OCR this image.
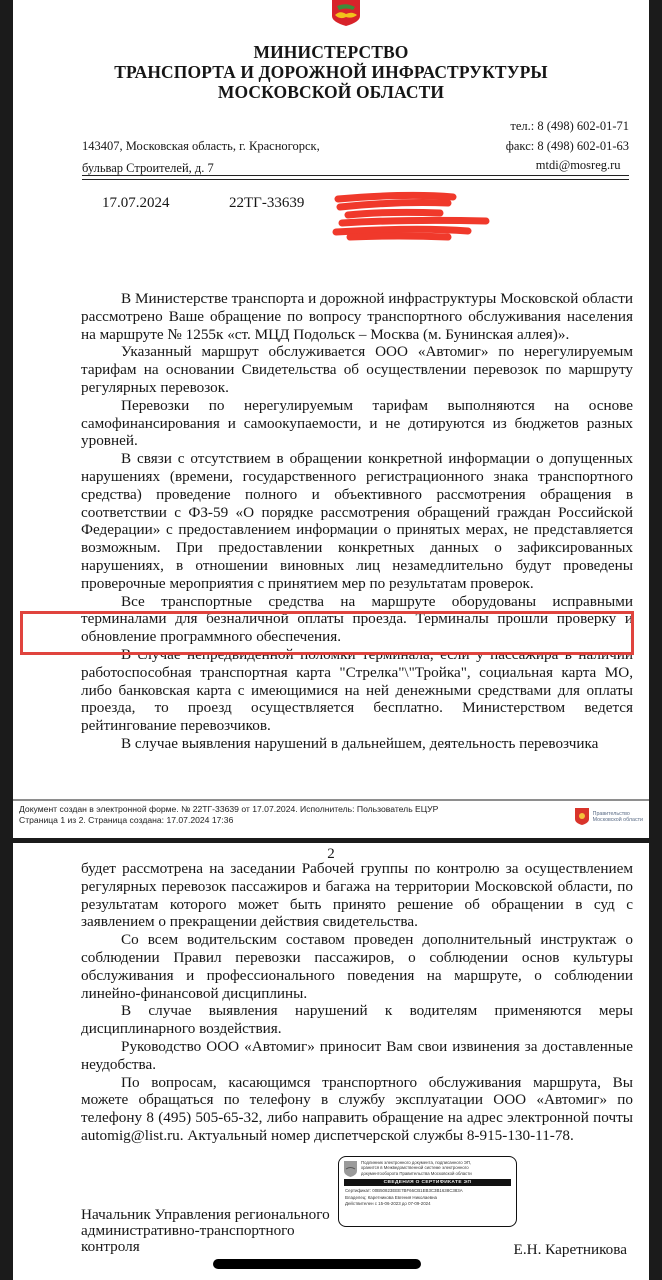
МИНИСТЕРСТВО
ТРАНСПОРТА И ДОРОЖНОЙ ИНФРАСТРУКТУРЫ
МОСКОВСКОЙ ОБЛАСТИ
143407, Московская область, г. Красногорск,
бульвар Строителей, д. 7
тел.: 8 (498) 602-01-71
факс: 8 (498) 602-01-63
mtdi@mosreg.ru
17.07.2024	22ТГ-33639

В Министерстве транспорта и дорожной инфраструктуры Московской области рассмотрено Ваше обращение по вопросу транспортного обслуживания населения на маршруте № 1255к «ст. МЦД Подольск – Москва (м. Бунинская аллея)».

Указанный маршрут обслуживается ООО «Автомиг» по нерегулируемым тарифам на основании Свидетельства об осуществлении перевозок по маршруту регулярных перевозок.

Перевозки по нерегулируемым тарифам выполняются на основе самофинансирования и самоокупаемости, и не дотируются из бюджетов разных уровней.

В связи с отсутствием в обращении конкретной информации о допущенных нарушениях (времени, государственного регистрационного знака транспортного средства) проведение полного и объективного рассмотрения обращения в соответствии с ФЗ-59 «О порядке рассмотрения обращений граждан Российской Федерации» с предоставлением информации о принятых мерах, не представляется возможным. При предоставлении конкретных данных о зафиксированных нарушениях, в отношении виновных лиц незамедлительно будут проведены проверочные мероприятия с принятием мер по результатам проверок.

Все транспортные средства на маршруте оборудованы исправными терминалами для безналичной оплаты проезда. Терминалы прошли проверку и обновление программного обеспечения.

В случае непредвиденной поломки терминала, если у пассажира в наличии работоспособная транспортная карта "Стрелка"\"Тройка", социальная карта МО, либо банковская карта с имеющимися на ней денежными средствами для оплаты проезда, то проезд осуществляется бесплатно. Министерством ведется рейтингование перевозчиков.

В случае выявления нарушений в дальнейшем, деятельность перевозчика

Документ создан в электронной форме. № 22ТГ-33639 от 17.07.2024. Исполнитель: Пользователь ЕЦУР
Страница 1 из 2. Страница создана: 17.07.2024 17:36
Правительство
Московской области
2

будет рассмотрена на заседании Рабочей группы по контролю за осуществлением регулярных перевозок пассажиров и багажа на территории Московской области, по результатам которого может быть принято решение об обращении в суд с заявлением о прекращении действия свидетельства.

Со всем водительским составом проведен дополнительный инструктаж о соблюдении Правил перевозки пассажиров, о соблюдении основ культуры обслуживания и профессионального поведения на маршруте, о соблюдении линейно-финансовой дисциплины.

В случае выявления нарушений к водителям применяются меры дисциплинарного воздействия.

Руководство ООО «Автомиг» приносит Вам свои извинения за доставленные неудобства.

По вопросам, касающимся транспортного обслуживания маршрута, Вы можете обращаться по телефону в службу эксплуатации ООО «Автомиг» по телефону 8 (495) 505-65-32, либо направить обращение на адрес электронной почты automig@list.ru. Актуальный номер диспетчерской службы 8-915-130-11-78.

Подлинник электронного документа, подписанного ЭП,
хранится в Межведомственной системе электронного
документооборота Правительства Московской области
СВЕДЕНИЯ О СЕРТИФИКАТЕ ЭП
Сертификат: 00B50823EEE7BF66CB1EB3C3B1638C383A
Владелец: Каретникова Евгения Николаевна
Действителен с 15-06-2023 до 07-09-2024
Начальник Управления регионального
административно-транспортного
контроля	Е.Н. Каретникова
